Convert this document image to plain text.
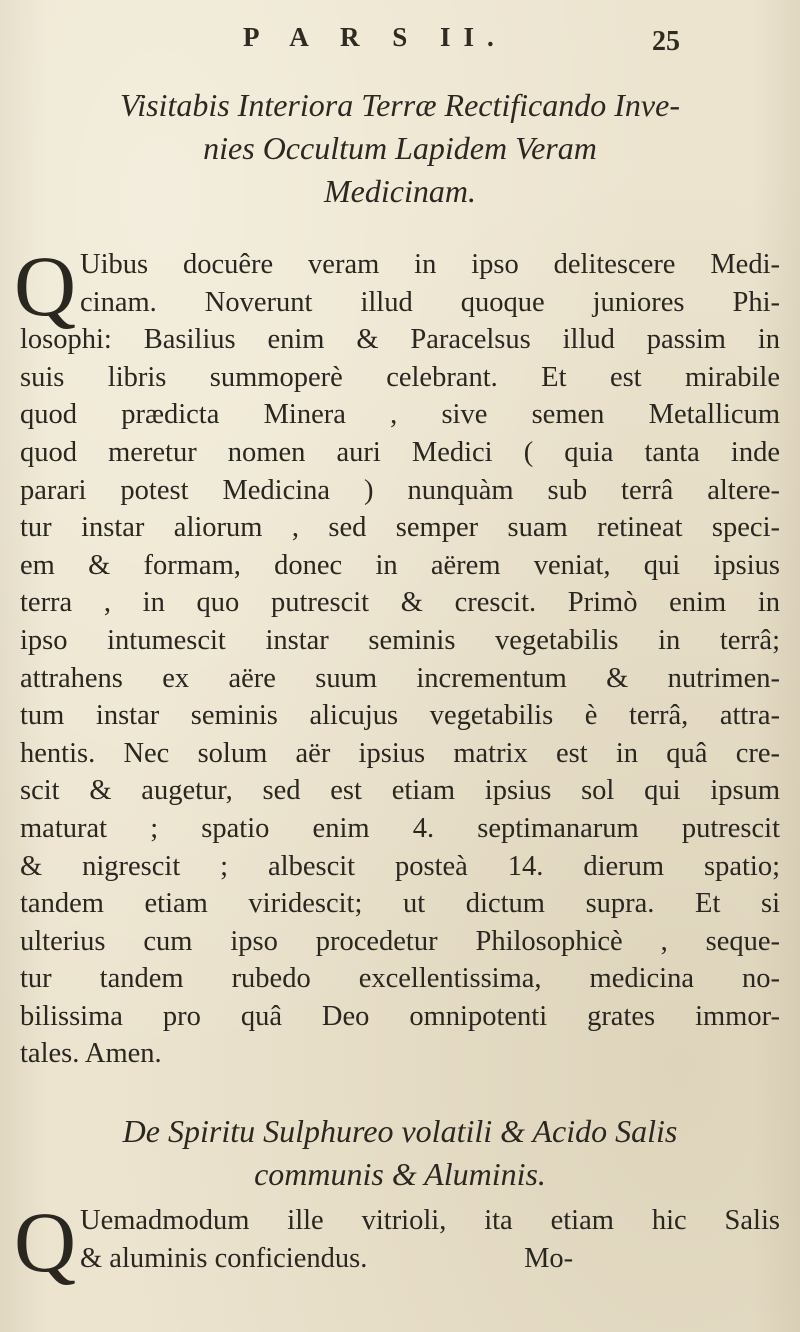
P A R S II.	25
Visitabis Interiora Terræ Rectificando Inve-
nies Occultum Lapidem Veram
Medicinam.
Q Uibus docuêre veram in ipso delitescere Medi-
cinam. Noverunt illud quoque juniores Phi-
losophi: Basilius enim & Paracelsus illud passim in
suis libris summoperè celebrant. Et est mirabile
quod prædicta Minera , sive semen Metallicum
quod meretur nomen auri Medici ( quia tanta inde
parari potest Medicina ) nunquàm sub terrâ altere-
tur instar aliorum , sed semper suam retineat speci-
em & formam, donec in aërem veniat, qui ipsius
terra , in quo putrescit & crescit. Primò enim in
ipso intumescit instar seminis vegetabilis in terrâ;
attrahens ex aëre suum incrementum & nutrimen-
tum instar seminis alicujus vegetabilis è terrâ, attra-
hentis. Nec solum aër ipsius matrix est in quâ cre-
scit & augetur, sed est etiam ipsius sol qui ipsum
maturat ; spatio enim 4. septimanarum putrescit
& nigrescit ; albescit posteà 14. dierum spatio;
tandem etiam viridescit; ut dictum supra. Et si
ulterius cum ipso procedetur Philosophicè , seque-
tur tandem rubedo excellentissima, medicina no-
bilissima pro quâ Deo omnipotenti grates immor-
tales. Amen.
De Spiritu Sulphureo volatili & Acido Salis
communis & Aluminis.
Q Uemadmodum ille vitrioli, ita etiam hic Salis
& aluminis conficiendus.                      Mo-
